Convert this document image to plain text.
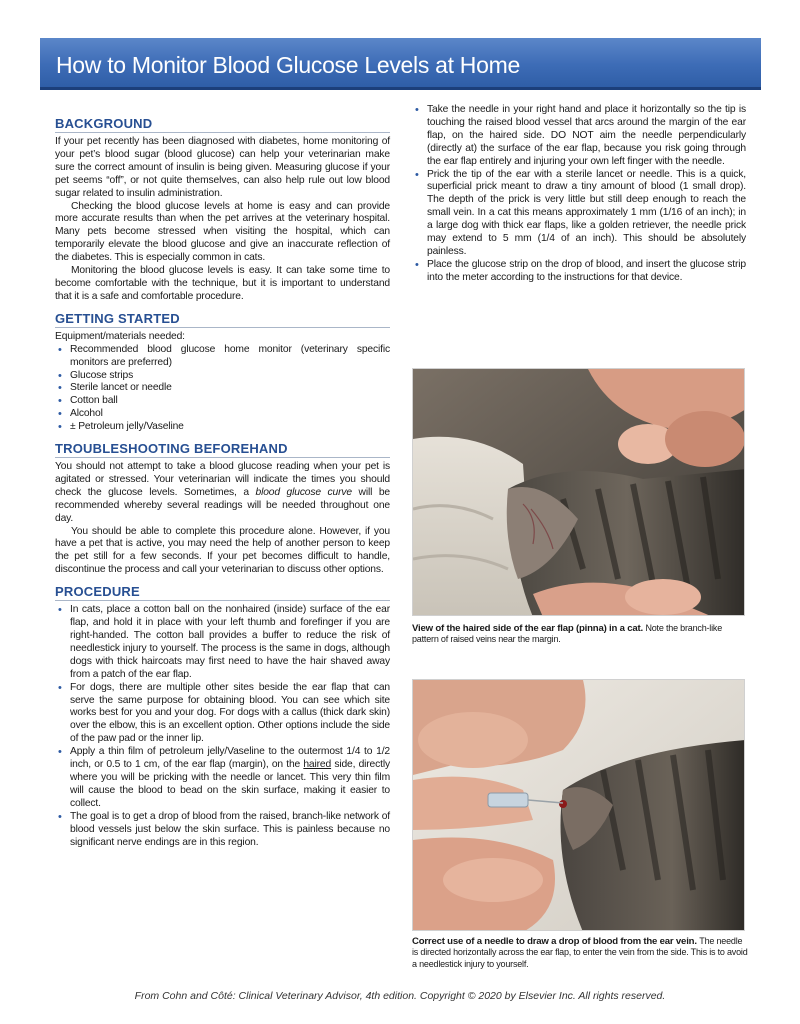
How to Monitor Blood Glucose Levels at Home
BACKGROUND

If your pet recently has been diagnosed with diabetes, home monitoring of your pet’s blood sugar (blood glucose) can help your veterinarian make sure the correct amount of insulin is being given. Measuring glucose if your pet seems “off”, or not quite themselves, can also help rule out low blood sugar related to insulin administration.

Checking the blood glucose levels at home is easy and can provide more accurate results than when the pet arrives at the veterinary hospital. Many pets become stressed when visiting the hospital, which can temporarily elevate the blood glucose and give an inaccurate reflection of the diabetes. This is especially common in cats.

Monitoring the blood glucose levels is easy. It can take some time to become comfortable with the technique, but it is important to understand that it is a safe and comfortable procedure.

GETTING STARTED

Equipment/materials needed:

• Recommended blood glucose home monitor (veterinary specific monitors are preferred)
• Glucose strips
• Sterile lancet or needle
• Cotton ball
• Alcohol
• ± Petroleum jelly/Vaseline
TROUBLESHOOTING BEFOREHAND

You should not attempt to take a blood glucose reading when your pet is agitated or stressed. Your veterinarian will indicate the times you should check the glucose levels. Sometimes, a blood glucose curve will be recommended whereby several readings will be needed throughout one day.

You should be able to complete this procedure alone. However, if you have a pet that is active, you may need the help of another person to keep the pet still for a few seconds. If your pet becomes difficult to handle, discontinue the process and call your veterinarian to discuss other options.

PROCEDURE
• In cats, place a cotton ball on the nonhaired (inside) surface of the ear flap, and hold it in place with your left thumb and forefinger if you are right-handed. The cotton ball provides a buffer to reduce the risk of needlestick injury to yourself. The process is the same in dogs, although dogs with thick haircoats may first need to have the hair shaved away from a patch of the ear flap.
• For dogs, there are multiple other sites beside the ear flap that can serve the same purpose for obtaining blood. You can see which site works best for you and your dog. For dogs with a callus (thick dark skin) over the elbow, this is an excellent option. Other options include the side of the paw pad or the inner lip.
• Apply a thin film of petroleum jelly/Vaseline to the outermost 1/4 to 1/2 inch, or 0.5 to 1 cm, of the ear flap (margin), on the haired side, directly where you will be pricking with the needle or lancet. This very thin film will cause the blood to bead on the skin surface, making it easier to collect.
• The goal is to get a drop of blood from the raised, branch-like network of blood vessels just below the skin surface. This is painless because no significant nerve endings are in this region.
• Take the needle in your right hand and place it horizontally so the tip is touching the raised blood vessel that arcs around the margin of the ear flap, on the haired side. DO NOT aim the needle perpendicularly (directly at) the surface of the ear flap, because you risk going through the ear flap entirely and injuring your own left finger with the needle.
• Prick the tip of the ear with a sterile lancet or needle. This is a quick, superficial prick meant to draw a tiny amount of blood (1 small drop). The depth of the prick is very little but still deep enough to reach the small vein. In a cat this means approximately 1 mm (1/16 of an inch); in a large dog with thick ear flaps, like a golden retriever, the needle prick may extend to 5 mm (1/4 of an inch). This should be absolutely painless.
• Place the glucose strip on the drop of blood, and insert the glucose strip into the meter according to the instructions for that device.
View of the haired side of the ear flap (pinna) in a cat. Note the branch-like pattern of raised veins near the margin.
Correct use of a needle to draw a drop of blood from the ear vein. The needle is directed horizontally across the ear flap, to enter the vein from the side. This is to avoid a needlestick injury to yourself.
From Cohn and Côté: Clinical Veterinary Advisor, 4th edition. Copyright © 2020 by Elsevier Inc. All rights reserved.
